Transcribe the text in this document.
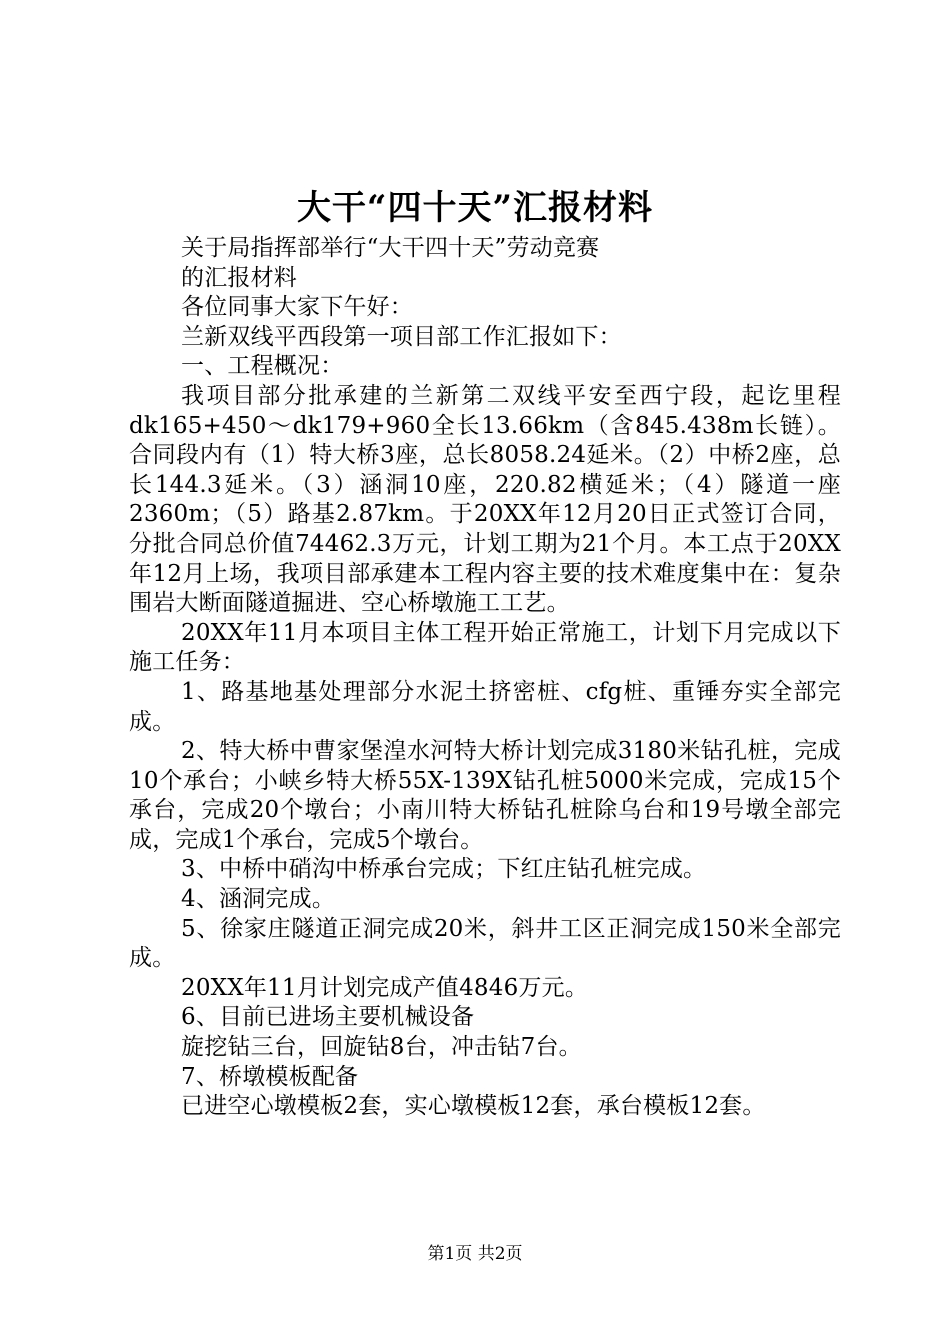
大干“四十天”汇报材料

关于局指挥部举行“大干四十天”劳动竞赛

的汇报材料

各位同事大家下午好：

兰新双线平西段第一项目部工作汇报如下：

一、工程概况：

我项目部分批承建的兰新第二双线平安至西宁段，起讫里程dk165+450～dk179+960全长13.66km（含845.438m长链）。合同段内有（1）特大桥3座，总长8058.24延米。（2）中桥2座，总长144.3延米。（3）涵洞10座，220.82横延米；（4）隧道一座2360m；（5）路基2.87km。于20XX年12月20日正式签订合同，分批合同总价值74462.3万元，计划工期为21个月。本工点于20XX年12月上场，我项目部承建本工程内容主要的技术难度集中在：复杂围岩大断面隧道掘进、空心桥墩施工工艺。

20XX年11月本项目主体工程开始正常施工，计划下月完成以下施工任务：

1、路基地基处理部分水泥土挤密桩、cfg桩、重锤夯实全部完成。

2、特大桥中曹家堡湟水河特大桥计划完成3180米钻孔桩，完成10个承台；小峡乡特大桥55X-139X钻孔桩5000米完成，完成15个承台，完成20个墩台；小南川特大桥钻孔桩除乌台和19号墩全部完成，完成1个承台，完成5个墩台。

3、中桥中硝沟中桥承台完成；下红庄钻孔桩完成。

4、涵洞完成。

5、徐家庄隧道正洞完成20米，斜井工区正洞完成150米全部完成。

20XX年11月计划完成产值4846万元。

6、目前已进场主要机械设备

旋挖钻三台，回旋钻8台，冲击钻7台。

7、桥墩模板配备

已进空心墩模板2套，实心墩模板12套，承台模板12套。

第1页 共2页
